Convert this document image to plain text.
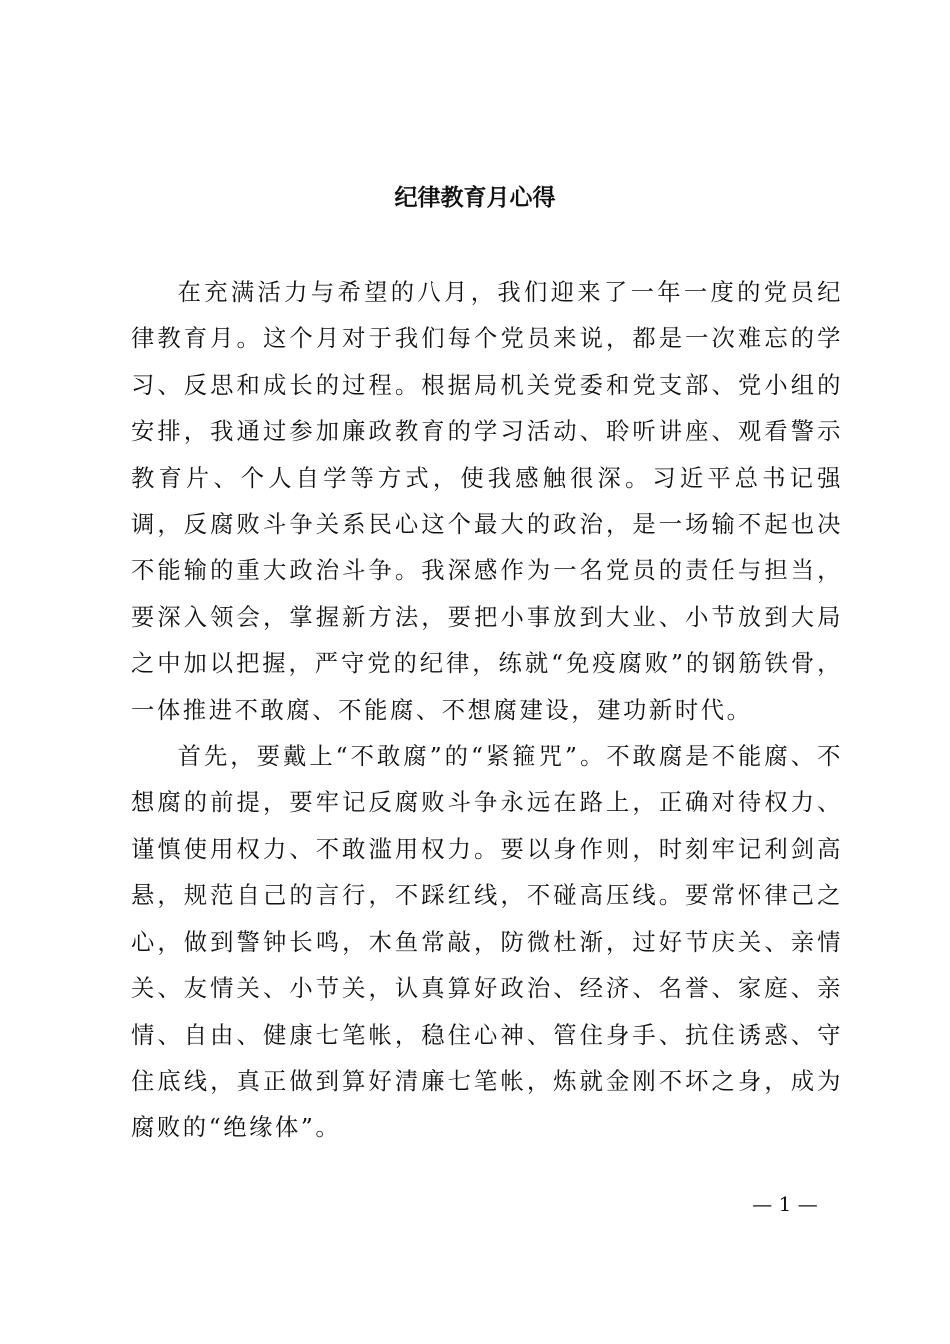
纪律教育月心得

在充满活力与希望的八月，我们迎来了一年一度的党员纪律教育月。这个月对于我们每个党员来说，都是一次难忘的学习、反思和成长的过程。根据局机关党委和党支部、党小组的安排，我通过参加廉政教育的学习活动、聆听讲座、观看警示教育片、个人自学等方式，使我感触很深。习近平总书记强调，反腐败斗争关系民心这个最大的政治，是一场输不起也决不能输的重大政治斗争。我深感作为一名党员的责任与担当，要深入领会，掌握新方法，要把小事放到大业、小节放到大局之中加以把握，严守党的纪律，练就“免疫腐败”的钢筋铁骨，一体推进不敢腐、不能腐、不想腐建设，建功新时代。

首先，要戴上“不敢腐”的“紧箍咒”。不敢腐是不能腐、不想腐的前提，要牢记反腐败斗争永远在路上，正确对待权力、谨慎使用权力、不敢滥用权力。要以身作则，时刻牢记利剑高悬，规范自己的言行，不踩红线，不碰高压线。要常怀律己之心，做到警钟长鸣，木鱼常敲，防微杜渐，过好节庆关、亲情关、友情关、小节关，认真算好政治、经济、名誉、家庭、亲情、自由、健康七笔帐，稳住心神、管住身手、抗住诱惑、守住底线，真正做到算好清廉七笔帐，炼就金刚不坏之身，成为腐败的“绝缘体”。

— 1 —
